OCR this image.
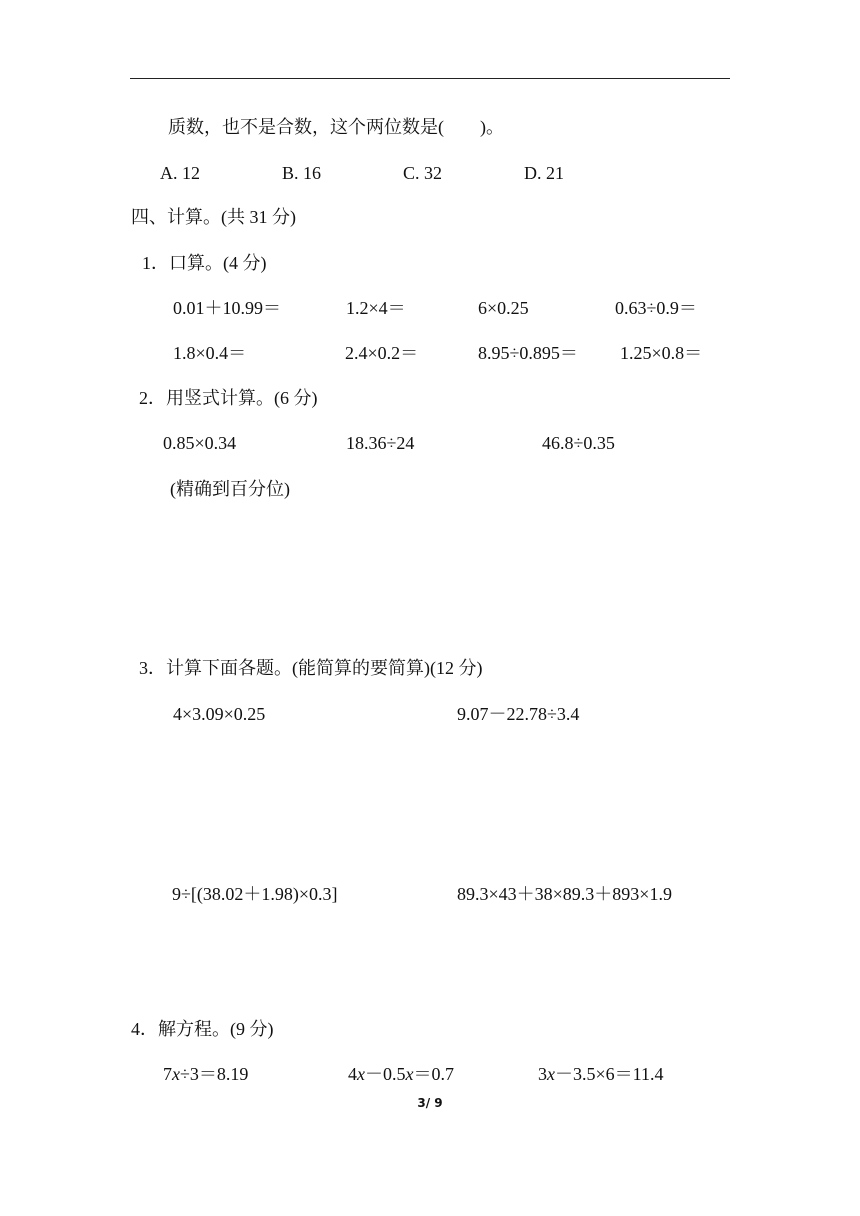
质数，也不是合数，这个两位数是(　　)。
A. 12	B. 16	C. 32	D. 21
四、计算。(共 31 分)
1．口算。(4 分)
0.01＋10.99＝	1.2×4＝	6×0.25	0.63÷0.9＝
1.8×0.4＝	2.4×0.2＝	8.95÷0.895＝ 1.25×0.8＝
2．用竖式计算。(6 分)
0.85×0.34	18.36÷24	46.8÷0.35
(精确到百分位)
3．计算下面各题。(能简算的要简算)(12 分)
4×3.09×0.25	9.07－22.78÷3.4
9÷[(38.02＋1.98)×0.3]	89.3×43＋38×89.3＋893×1.9
4．解方程。(9 分)
7x÷3＝8.19	4x－0.5x＝0.7	3x－3.5×6＝11.4
3/ 9
